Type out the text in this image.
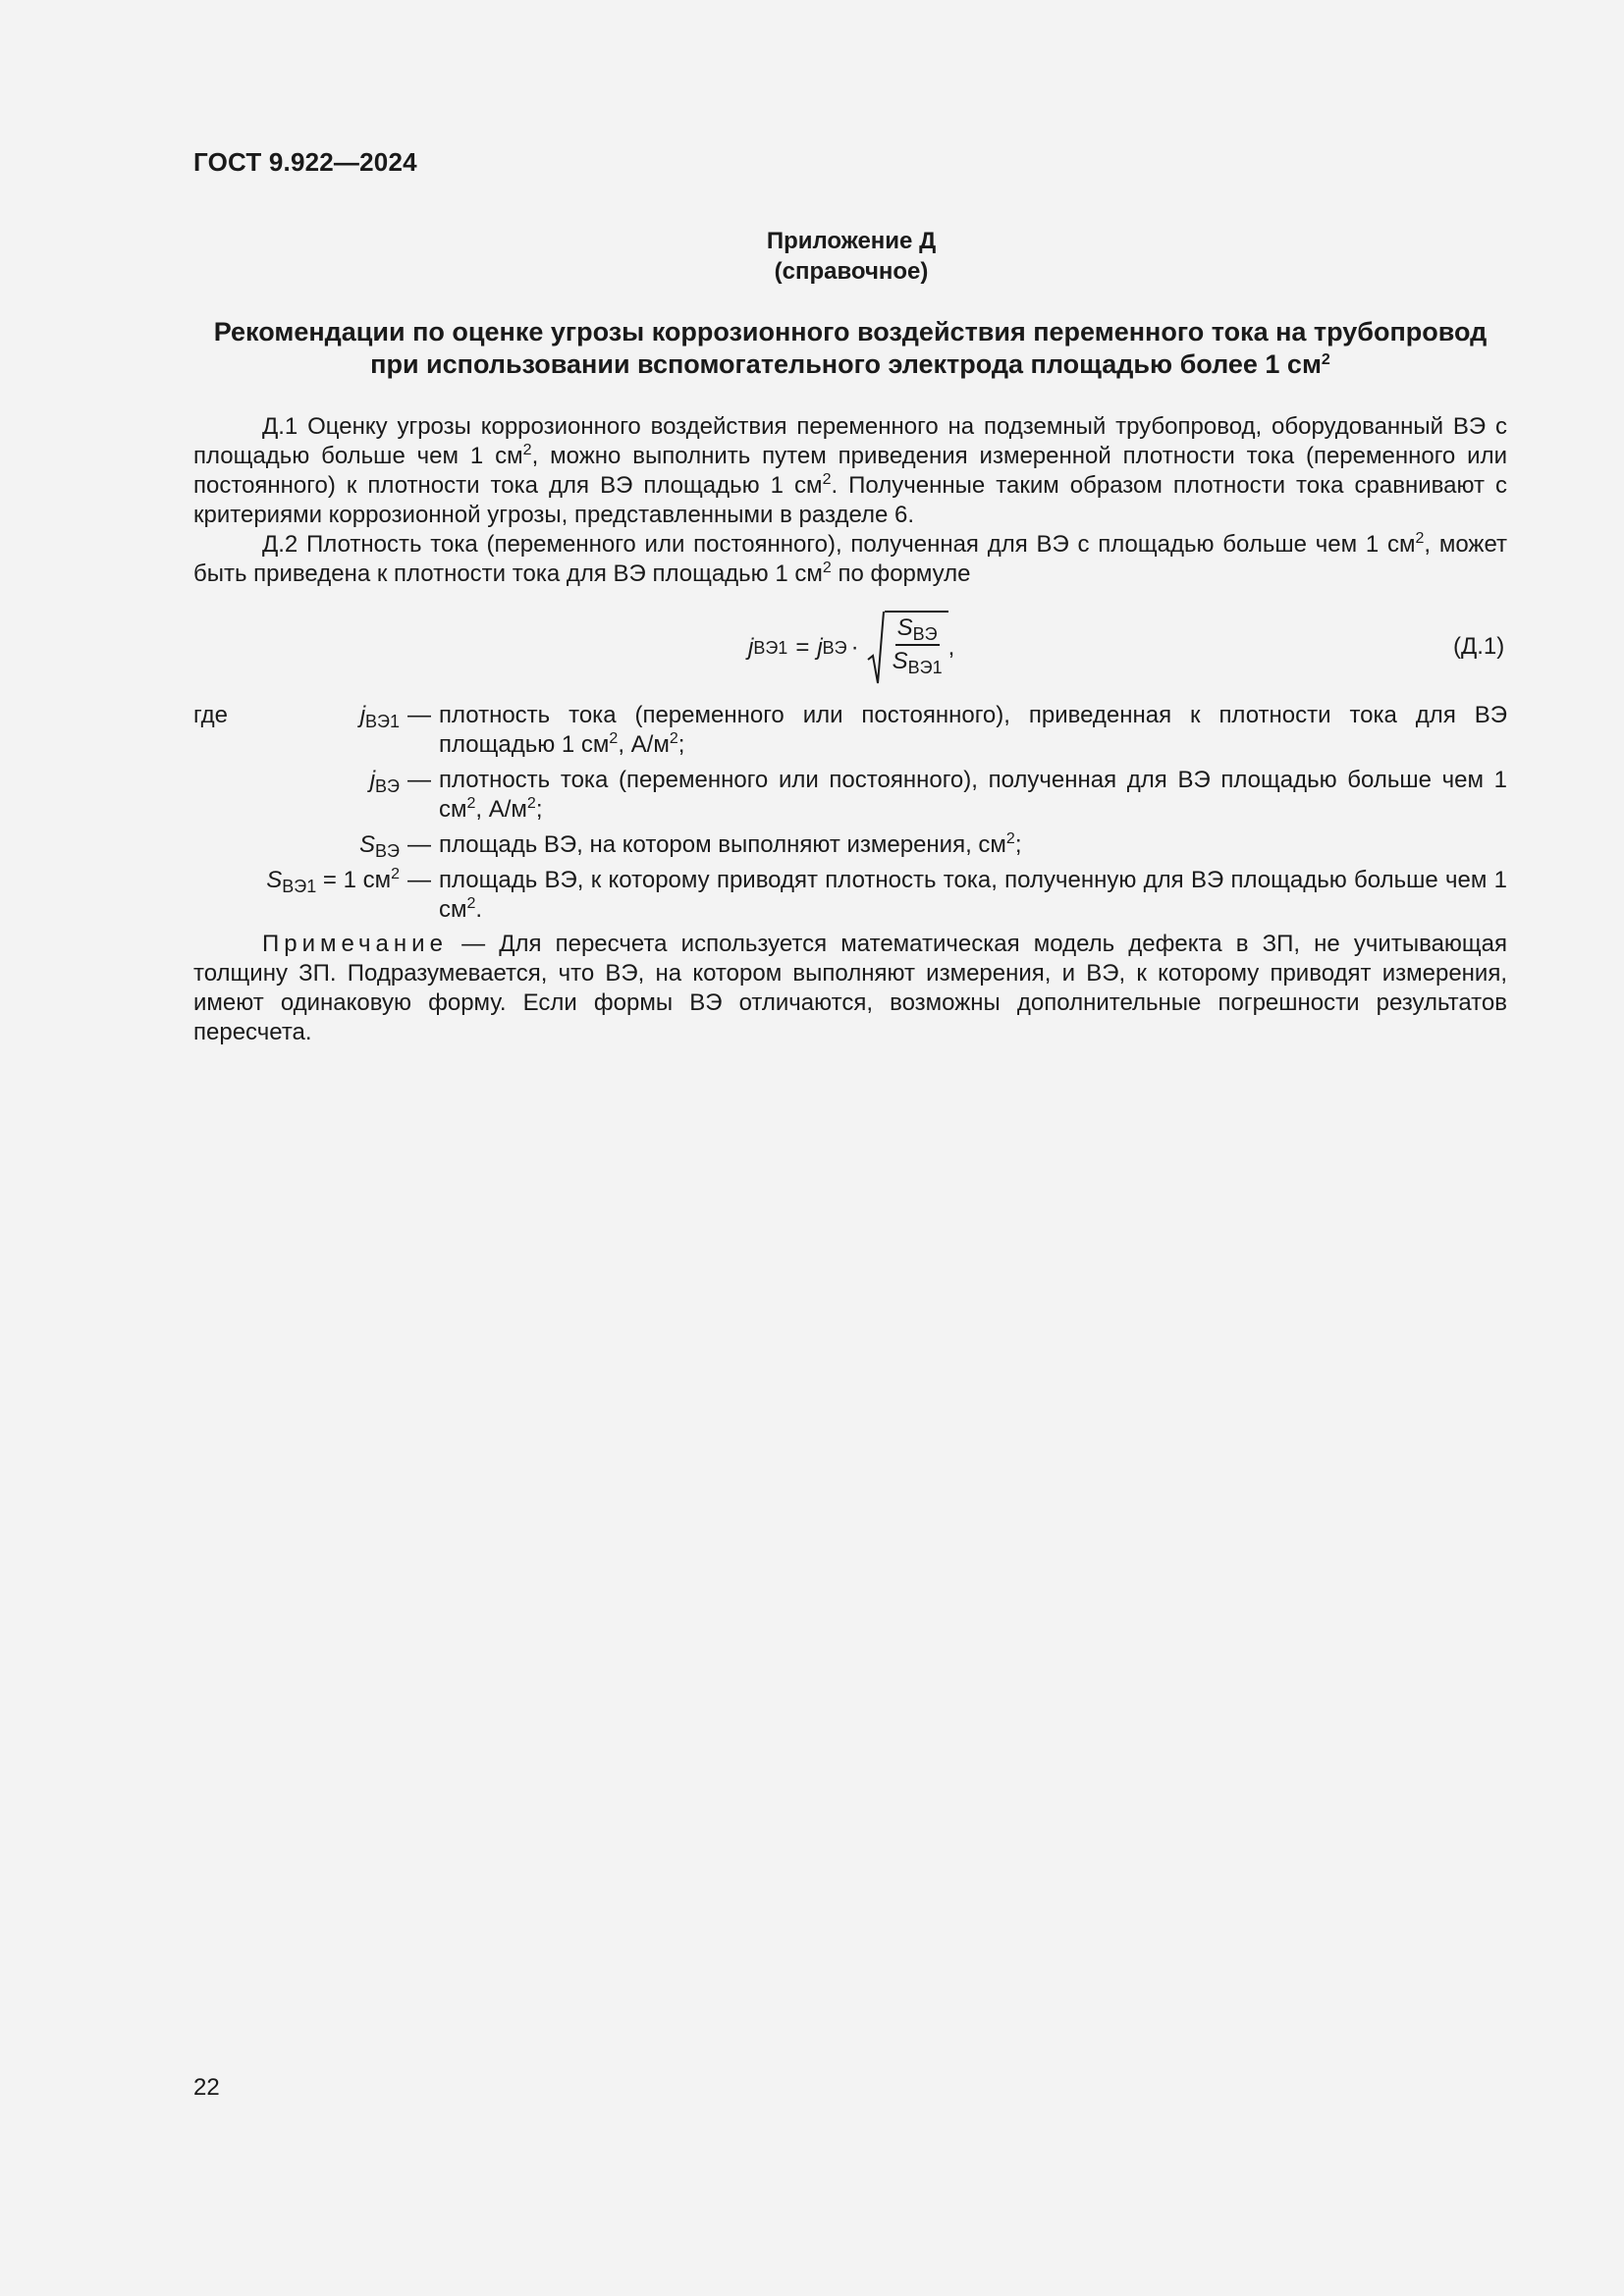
ГОСТ 9.922—2024
Приложение Д
(справочное)
Рекомендации по оценке угрозы коррозионного воздействия переменного тока на трубопровод
при использовании вспомогательного электрода площадью более 1 $см^2$

Д.1 Оценку угрозы коррозионного воздействия переменного на подземный трубопровод, оборудованный ВЭ с площадью больше чем 1 $см^2$, можно выполнить путем приведения измеренной плотности тока (переменного или постоянного) к плотности тока для ВЭ площадью 1 $см^2$. Полученные таким образом плотности тока сравнивают с критериями коррозионной угрозы, представленными в разделе 6.

Д.2 Плотность тока (переменного или постоянного), полученная для ВЭ с площадью больше чем 1 $см^2$, может быть приведена к плотности тока для ВЭ площадью 1 $см^2$ по формуле

j ВЭ1 = j ВЭ · $\frac{S_{ВЭ}}{S_{ВЭ1}}$ ,	(Д.1)
где	$j_{ВЭ1}$ — плотность тока (переменного или постоянного), приведенная к плотности тока для ВЭ площадью 1 $см^2$, $А/м^2$;
$j_{ВЭ}$ — плотность тока (переменного или постоянного), полученная для ВЭ площадью больше чем 1 $см^2$, $А/м^2$;
$S_{ВЭ}$ — площадь ВЭ, на котором выполняют измерения, $см^2$;
$S_{ВЭ1} = 1$ $см^2$ — площадь ВЭ, к которому приводят плотность тока, полученную для ВЭ площадью больше чем 1 $см^2$.

Примечание — Для пересчета используется математическая модель дефекта в ЗП, не учитывающая толщину ЗП. Подразумевается, что ВЭ, на котором выполняют измерения, и ВЭ, к которому приводят измерения, имеют одинаковую форму. Если формы ВЭ отличаются, возможны дополнительные погрешности результатов пересчета.

22
